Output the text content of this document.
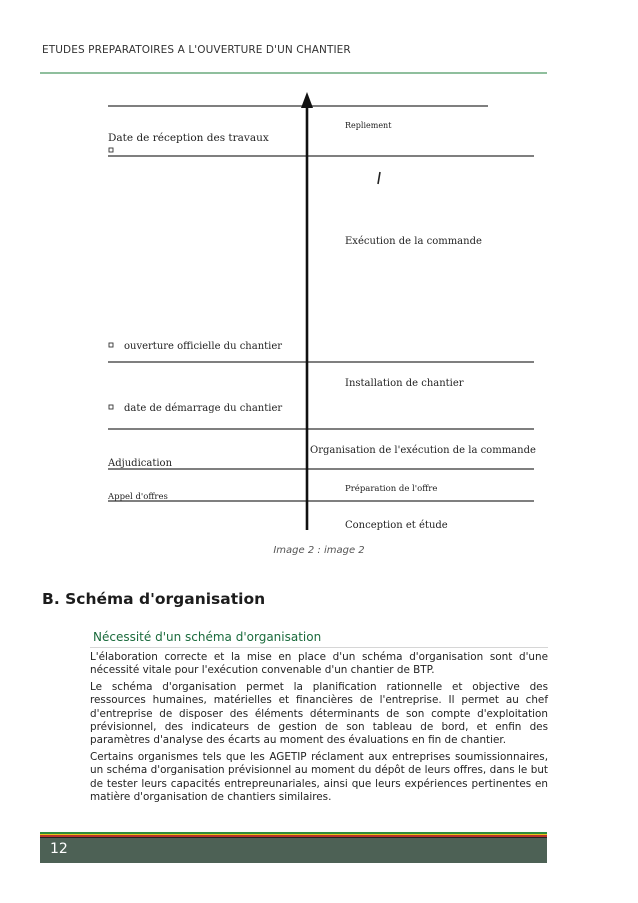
ETUDES PREPARATOIRES A L'OUVERTURE D'UN CHANTIER
Date de réception des travaux
ouverture officielle du chantier
date de démarrage du chantier
Adjudication
Appel d'offres
Repliement
Exécution de la commande
Installation de chantier
Organisation de l'exécution de la commande
Préparation de l'offre
Conception et étude
Image 2 : image 2
B. Schéma d'organisation
Nécessité d'un schéma d'organisation

L'élaboration correcte et la mise en place d'un schéma d'organisation sont d'une nécessité vitale pour l'exécution convenable d'un chantier de BTP.

Le schéma d'organisation permet la planification rationnelle et objective des ressources humaines, matérielles et financières de l'entreprise. Il permet au chef d'entreprise de disposer des éléments déterminants de son compte d'exploitation prévisionnel, des indicateurs de gestion de son tableau de bord, et enfin des paramètres d'analyse des écarts au moment des évaluations en fin de chantier.

Certains organismes tels que les AGETIP réclament aux entreprises soumissionnaires, un schéma d'organisation prévisionnel au moment du dépôt de leurs offres, dans le but de tester leurs capacités entrepreunariales, ainsi que leurs expériences pertinentes en matière d'organisation de chantiers similaires.

12
